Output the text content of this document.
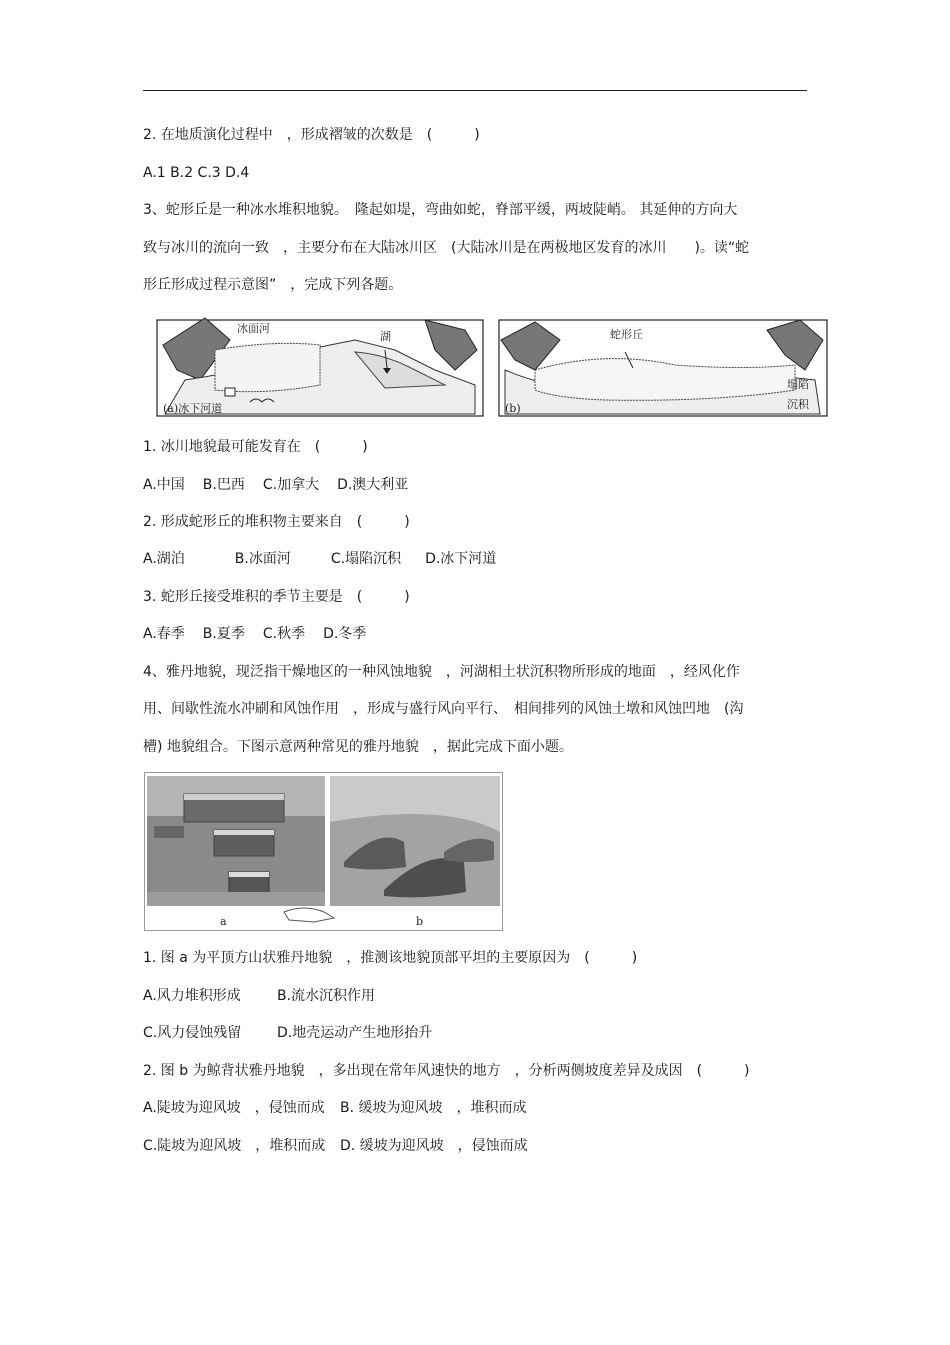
2. 在地质演化过程中　，形成褶皱的次数是　(　　　)
A.1 B.2 C.3 D.4
3、蛇形丘是一种冰水堆积地貌。　隆起如堤，弯曲如蛇，脊部平缓，两坡陡峭。 其延伸的方向大
致与冰川的流向一致　，主要分布在大陆冰川区　(大陆冰川是在两极地区发育的冰川　　)。读“蛇
形丘形成过程示意图”　，完成下列各题。
冰面河
湖
(a)冰下河道
蛇形丘
塌陷
沉积
(b)
1. 冰川地貌最可能发育在　(　　　)
A.中国 B.巴西 C.加拿大 D.澳大利亚
2. 形成蛇形丘的堆积物主要来自　(　　　)
A.湖泊	B.冰面河	C.塌陷沉积 D.冰下河道
3. 蛇形丘接受堆积的季节主要是　(　　　)
A.春季 B.夏季 C.秋季 D.冬季
4、雅丹地貌，现泛指干燥地区的一种风蚀地貌　，河湖相土状沉积物所形成的地面　，经风化作
用、间歇性流水冲刷和风蚀作用　，形成与盛行风向平行、　相间排列的风蚀土墩和风蚀凹地　(沟
槽) 地貌组合。下图示意两种常见的雅丹地貌　，据此完成下面小题。
a	b
1. 图 a 为平顶方山状雅丹地貌　，推测该地貌顶部平坦的主要原因为　(　　　)
A.风力堆积形成	B.流水沉积作用
C.风力侵蚀残留	D.地壳运动产生地形抬升
2. 图 b 为鲸背状雅丹地貌　，多出现在常年风速快的地方　，分析两侧坡度差异及成因　(　　　)
A.陡坡为迎风坡　，侵蚀而成 B. 缓坡为迎风坡　，堆积而成
C.陡坡为迎风坡　，堆积而成 D. 缓坡为迎风坡　，侵蚀而成
